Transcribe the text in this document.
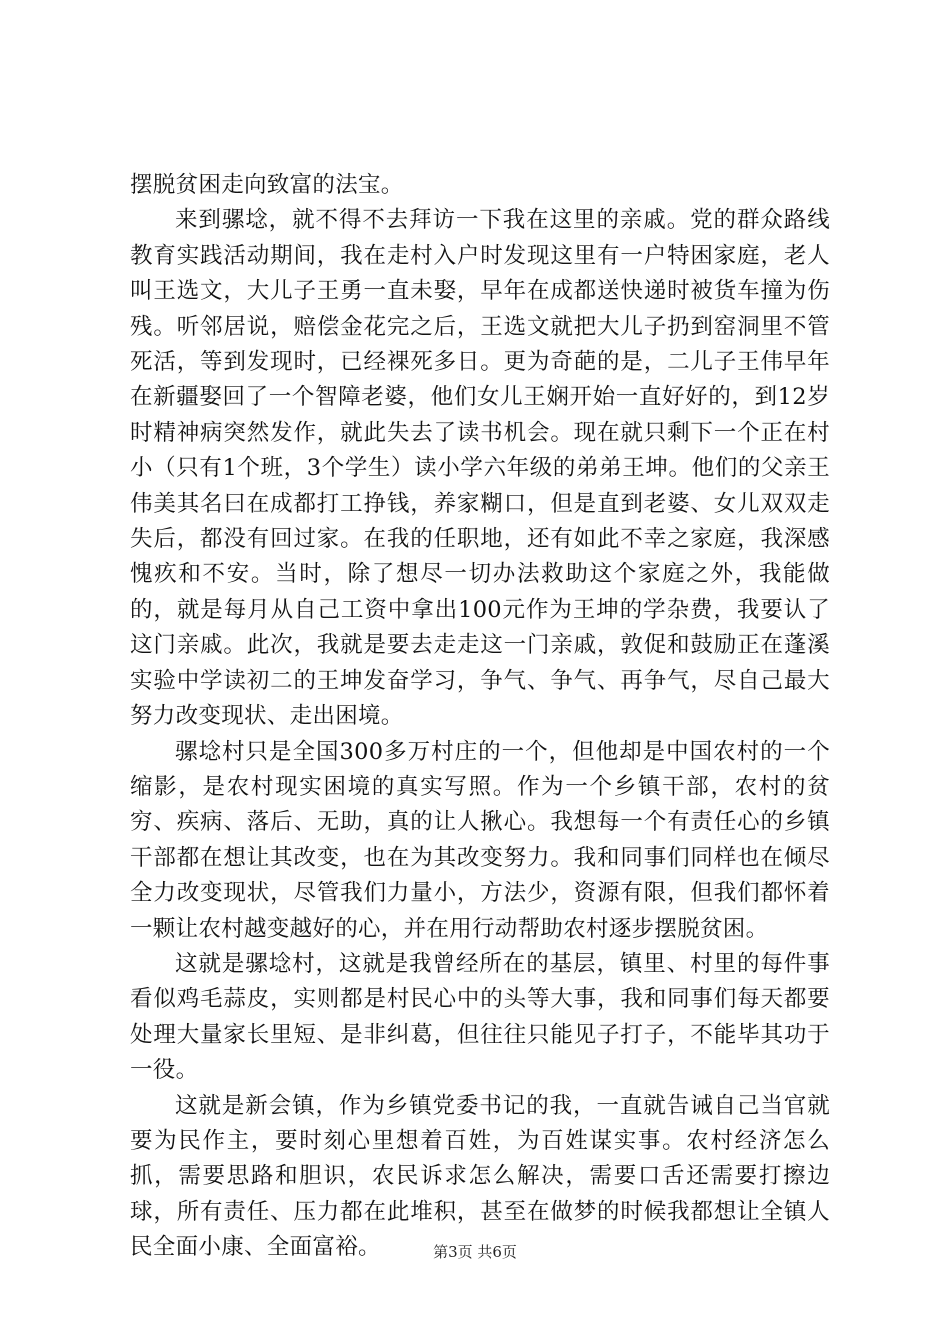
摆脱贫困走向致富的法宝。

来到骡埝，就不得不去拜访一下我在这里的亲戚。党的群众路线教育实践活动期间，我在走村入户时发现这里有一户特困家庭，老人叫王选文，大儿子王勇一直未娶，早年在成都送快递时被货车撞为伤残。听邻居说，赔偿金花完之后，王选文就把大儿子扔到窑洞里不管死活，等到发现时，已经裸死多日。更为奇葩的是，二儿子王伟早年在新疆娶回了一个智障老婆，他们女儿王娴开始一直好好的，到12岁时精神病突然发作，就此失去了读书机会。现在就只剩下一个正在村小（只有1个班，3个学生）读小学六年级的弟弟王坤。他们的父亲王伟美其名曰在成都打工挣钱，养家糊口，但是直到老婆、女儿双双走失后，都没有回过家。在我的任职地，还有如此不幸之家庭，我深感愧疚和不安。当时，除了想尽一切办法救助这个家庭之外，我能做的，就是每月从自己工资中拿出100元作为王坤的学杂费，我要认了这门亲戚。此次，我就是要去走走这一门亲戚，敦促和鼓励正在蓬溪实验中学读初二的王坤发奋学习，争气、争气、再争气，尽自己最大努力改变现状、走出困境。

骡埝村只是全国300多万村庄的一个，但他却是中国农村的一个缩影，是农村现实困境的真实写照。作为一个乡镇干部，农村的贫穷、疾病、落后、无助，真的让人揪心。我想每一个有责任心的乡镇干部都在想让其改变，也在为其改变努力。我和同事们同样也在倾尽全力改变现状，尽管我们力量小，方法少，资源有限，但我们都怀着一颗让农村越变越好的心，并在用行动帮助农村逐步摆脱贫困。

这就是骡埝村，这就是我曾经所在的基层，镇里、村里的每件事看似鸡毛蒜皮，实则都是村民心中的头等大事，我和同事们每天都要处理大量家长里短、是非纠葛，但往往只能见子打子，不能毕其功于一役。

这就是新会镇，作为乡镇党委书记的我，一直就告诫自己当官就要为民作主，要时刻心里想着百姓，为百姓谋实事。农村经济怎么抓，需要思路和胆识，农民诉求怎么解决，需要口舌还需要打擦边球，所有责任、压力都在此堆积，甚至在做梦的时候我都想让全镇人民全面小康、全面富裕。	第3页 共6页
